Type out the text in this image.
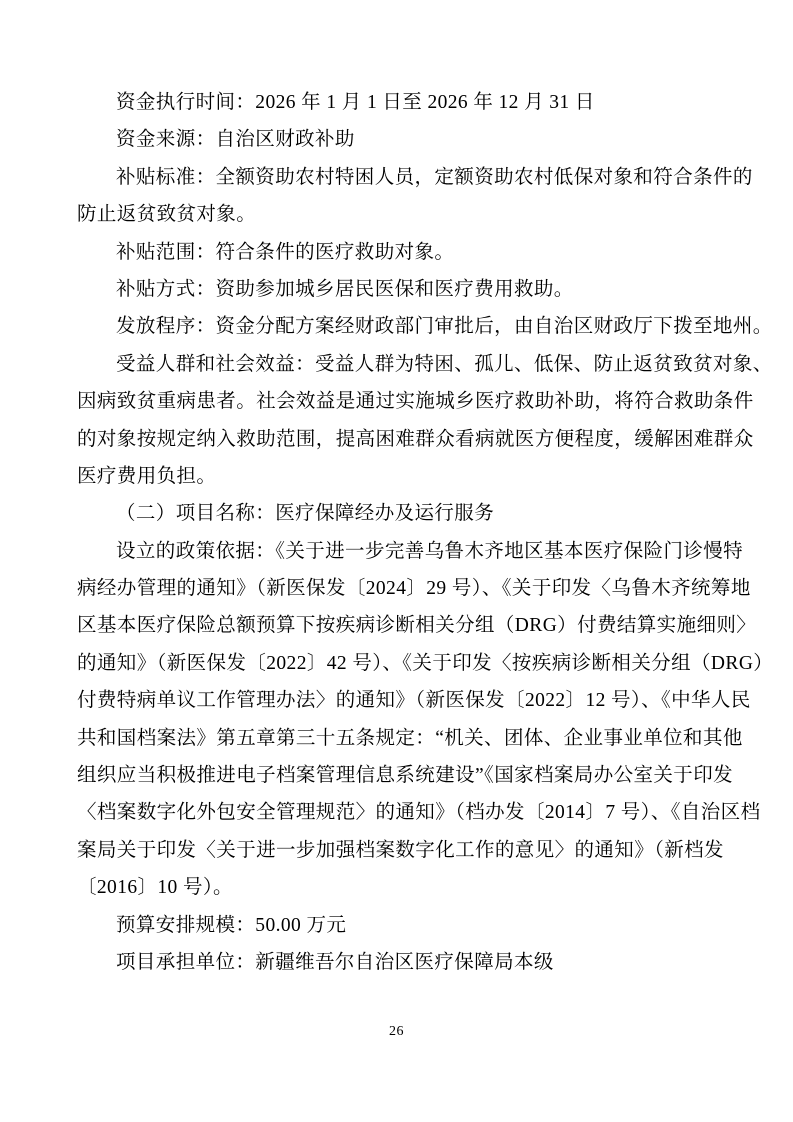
资金执行时间：2026 年 1 月 1 日至 2026 年 12 月 31 日
资金来源：自治区财政补助
补贴标准：全额资助农村特困人员，定额资助农村低保对象和符合条件的
防止返贫致贫对象。
补贴范围：符合条件的医疗救助对象。
补贴方式：资助参加城乡居民医保和医疗费用救助。
发放程序：资金分配方案经财政部门审批后，由自治区财政厅下拨至地州。
受益人群和社会效益：受益人群为特困、孤儿、低保、防止返贫致贫对象、
因病致贫重病患者。社会效益是通过实施城乡医疗救助补助，将符合救助条件
的对象按规定纳入救助范围，提高困难群众看病就医方便程度，缓解困难群众
医疗费用负担。
（二）项目名称：医疗保障经办及运行服务
设立的政策依据：《关于进一步完善乌鲁木齐地区基本医疗保险门诊慢特
病经办管理的通知》（新医保发〔2024〕29 号）、《关于印发〈乌鲁木齐统筹地
区基本医疗保险总额预算下按疾病诊断相关分组（DRG）付费结算实施细则〉
的通知》（新医保发〔2022〕42 号）、《关于印发〈按疾病诊断相关分组（DRG）
付费特病单议工作管理办法〉的通知》（新医保发〔2022〕12 号）、《中华人民
共和国档案法》第五章第三十五条规定：“机关、团体、企业事业单位和其他
组织应当积极推进电子档案管理信息系统建设”《国家档案局办公室关于印发
〈档案数字化外包安全管理规范〉的通知》（档办发〔2014〕7 号）、《自治区档
案局关于印发〈关于进一步加强档案数字化工作的意见〉的通知》（新档发
〔2016〕10 号）。
预算安排规模：50.00 万元
项目承担单位：新疆维吾尔自治区医疗保障局本级
26
